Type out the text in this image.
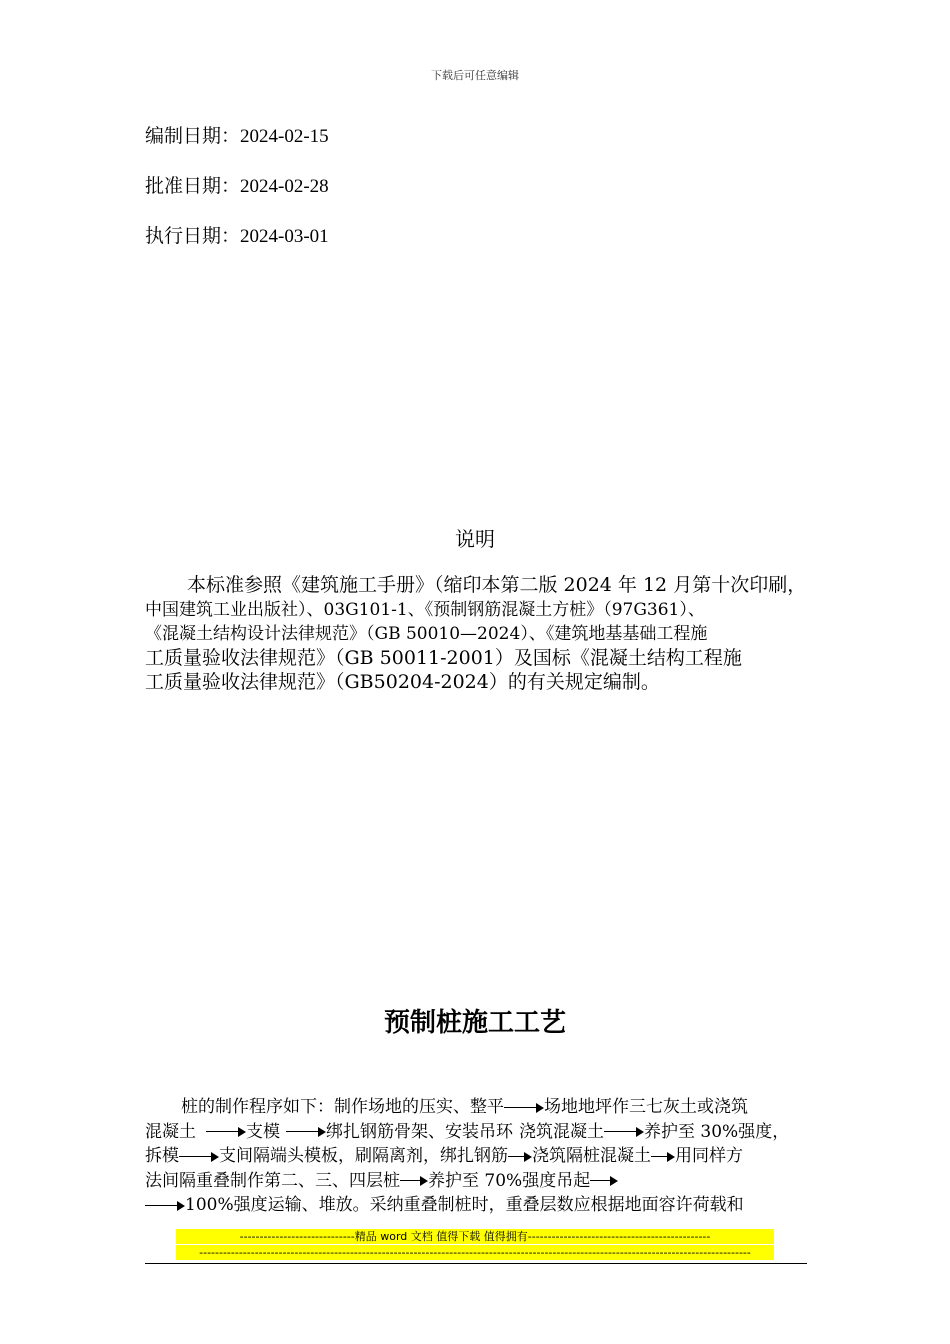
下载后可任意编辑
编制日期：2024-02-15
批准日期：2024-02-28
执行日期：2024-03-01
说明
本标准参照《建筑施工手册》（缩印本第二版 2024 年 12 月第十次印刷，
中国建筑工业出版社）、03G101-1、《预制钢筋混凝土方桩》（97G361）、
《混凝土结构设计法律规范》（GB 50010—2024）、《建筑地基基础工程施
工质量验收法律规范》（GB 50011-2001）及国标《混凝土结构工程施
工质量验收法律规范》（GB50204-2024）的有关规定编制。
预制桩施工工艺
桩的制作程序如下：制作场地的压实、整平 场地地坪作三七灰土或浇筑
混凝土	支模	绑扎钢筋骨架、安装吊环 浇筑混凝土 养护至 30%强度，
拆模 支间隔端头模板，刷隔离剂，绑扎钢筋 浇筑隔桩混凝土 用同样方
法间隔重叠制作第二、三、四层桩 养护至 70%强度吊起
100%强度运输、堆放。采纳重叠制桩时，重叠层数应根据地面容许荷载和
-----------------------------精品 word 文档 值得下载 值得拥有----------------------------------------------
-------------------------------------------------------------------------------------------------------------------------------------------
